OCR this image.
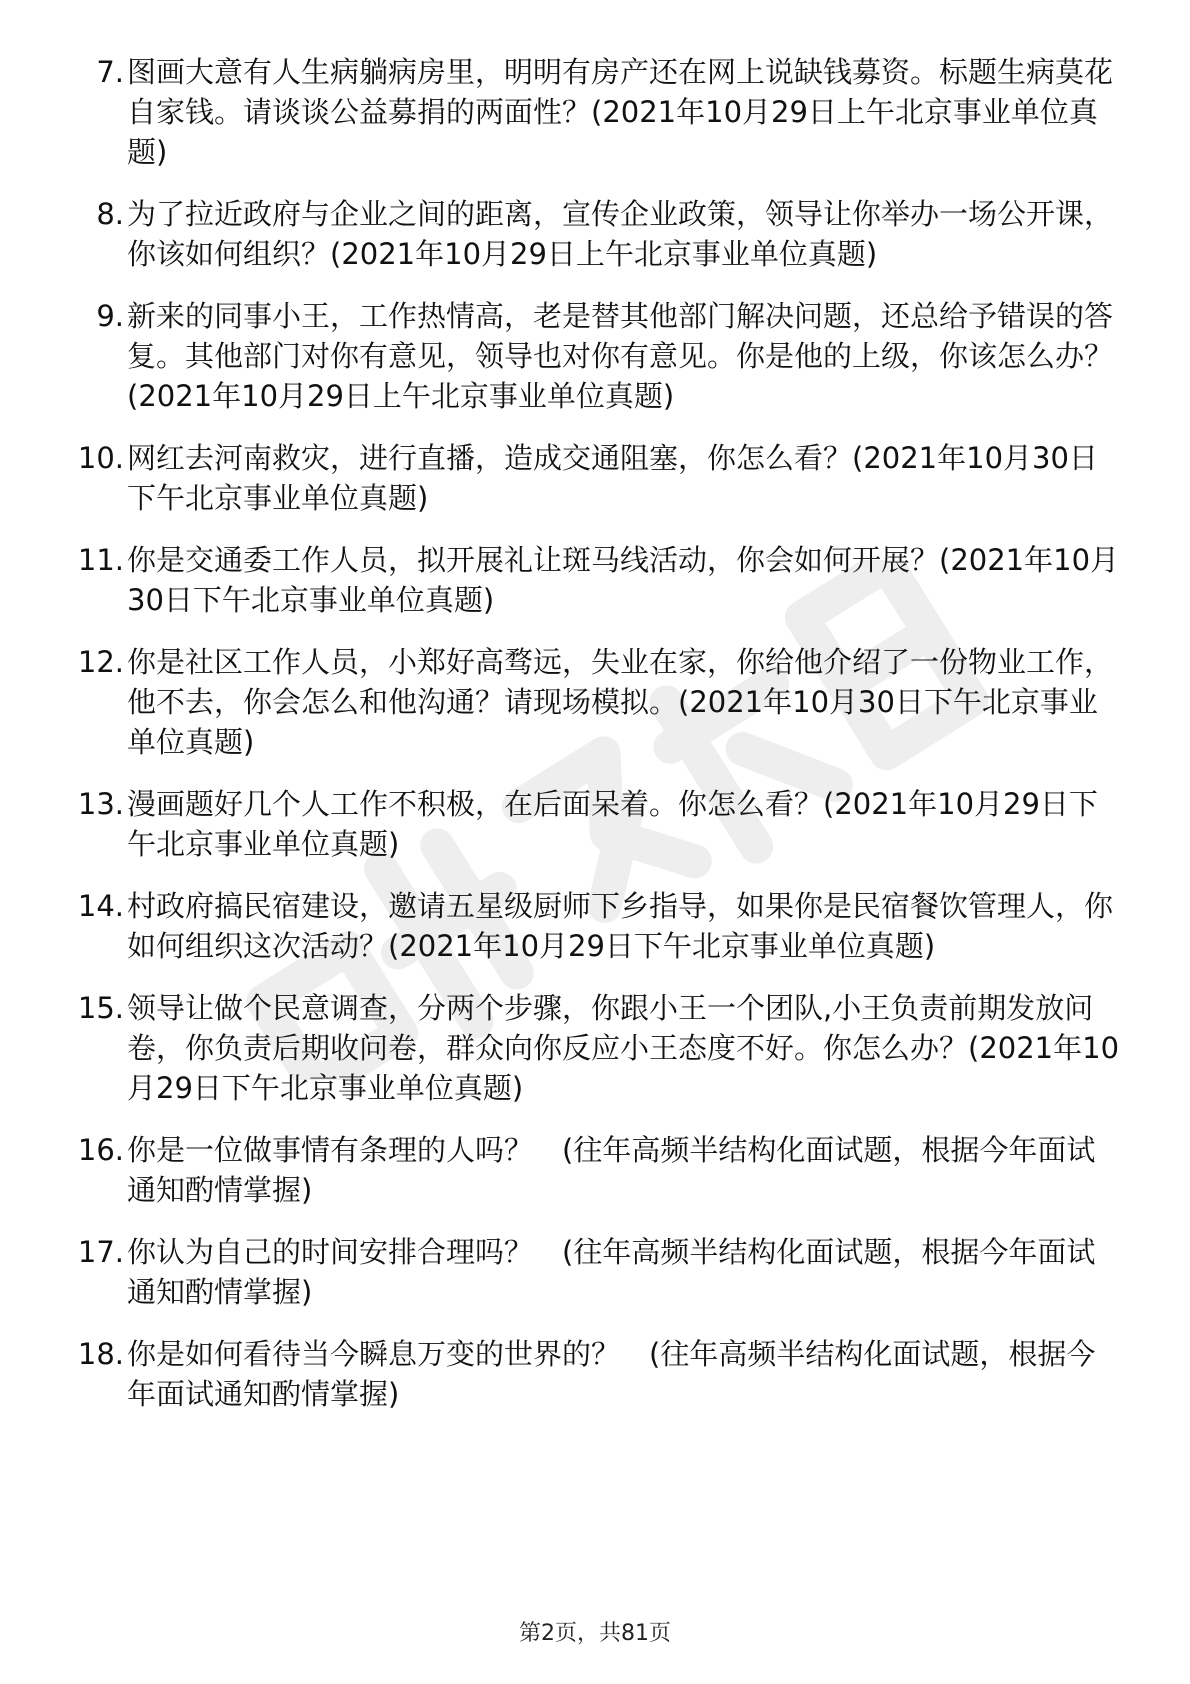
7. 图画大意有人生病躺病房里，明明有房产还在网上说缺钱募资。标题生病莫花自家钱。请谈谈公益募捐的两面性？(2021年10月29日上午北京事业单位真题)
8. 为了拉近政府与企业之间的距离，宣传企业政策，领导让你举办一场公开课，你该如何组织？(2021年10月29日上午北京事业单位真题)
9. 新来的同事小王，工作热情高，老是替其他部门解决问题，还总给予错误的答复。其他部门对你有意见，领导也对你有意见。你是他的上级，你该怎么办？(2021年10月29日上午北京事业单位真题)
10. 网红去河南救灾，进行直播，造成交通阻塞，你怎么看？(2021年10月30日下午北京事业单位真题)
11. 你是交通委工作人员，拟开展礼让斑马线活动，你会如何开展？(2021年10月30日下午北京事业单位真题)
12. 你是社区工作人员，小郑好高骛远，失业在家，你给他介绍了一份物业工作，他不去，你会怎么和他沟通？请现场模拟。(2021年10月30日下午北京事业单位真题)
13. 漫画题好几个人工作不积极，在后面呆着。你怎么看？(2021年10月29日下午北京事业单位真题)
14. 村政府搞民宿建设，邀请五星级厨师下乡指导，如果你是民宿餐饮管理人，你如何组织这次活动？(2021年10月29日下午北京事业单位真题)
15. 领导让做个民意调查，分两个步骤，你跟小王一个团队,小王负责前期发放问卷，你负责后期收问卷，群众向你反应小王态度不好。你怎么办？(2021年10月29日下午北京事业单位真题)
16. 你是一位做事情有条理的人吗？　(往年高频半结构化面试题，根据今年面试通知酌情掌握)
17. 你认为自己的时间安排合理吗？　(往年高频半结构化面试题，根据今年面试通知酌情掌握)
18. 你是如何看待当今瞬息万变的世界的？　(往年高频半结构化面试题，根据今年面试通知酌情掌握)
第2页，共81页
